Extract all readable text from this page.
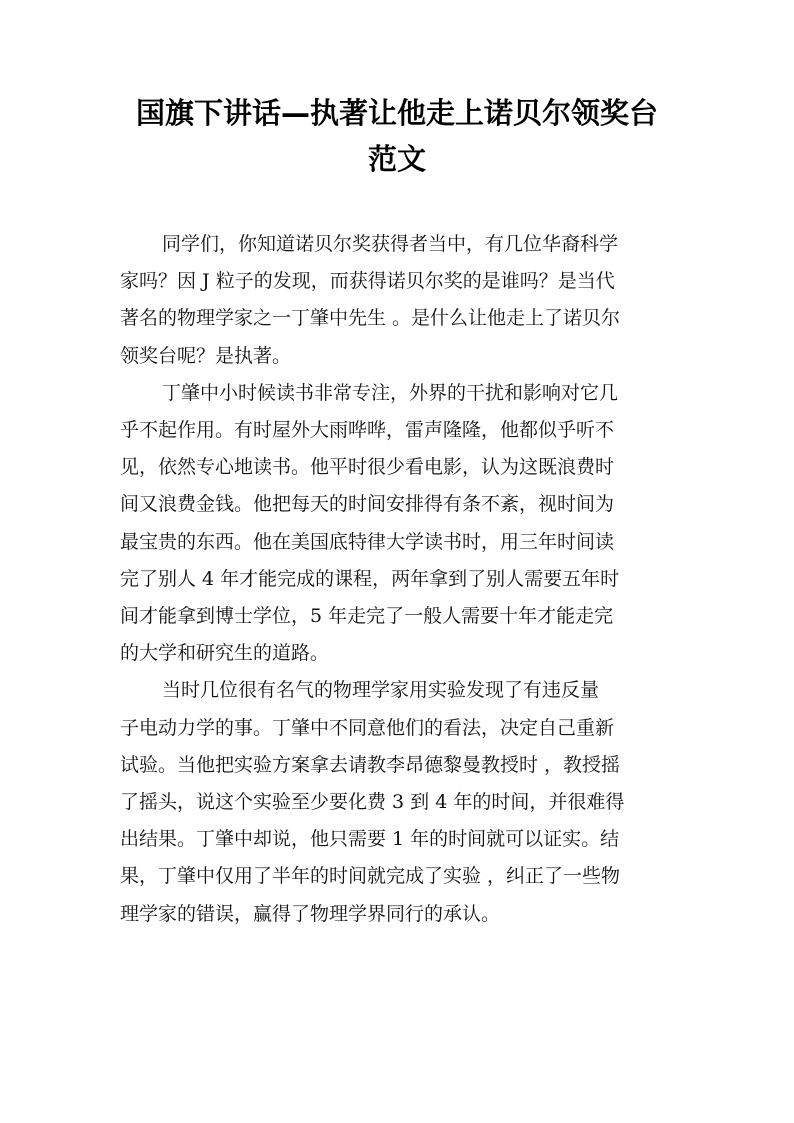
国旗下讲话—执著让他走上诺贝尔领奖台
范文

同学们，你知道诺贝尔奖获得者当中，有几位华裔科学
家吗？因 J 粒子的发现，而获得诺贝尔奖的是谁吗？是当代
著名的物理学家之一丁肇中先生 。是什么让他走上了诺贝尔
领奖台呢？是执著。

丁肇中小时候读书非常专注，外界的干扰和影响对它几
乎不起作用。有时屋外大雨哗哗，雷声隆隆，他都似乎听不
见，依然专心地读书。他平时很少看电影，认为这既浪费时
间又浪费金钱。他把每天的时间安排得有条不紊，视时间为
最宝贵的东西。他在美国底特律大学读书时，用三年时间读
完了别人 4 年才能完成的课程，两年拿到了别人需要五年时
间才能拿到博士学位，5 年走完了一般人需要十年才能走完
的大学和研究生的道路。

当时几位很有名气的物理学家用实验发现了有违反量
子电动力学的事。丁肇中不同意他们的看法，决定自己重新
试验。当他把实验方案拿去请教李昂德黎曼教授时 ，教授摇
了摇头，说这个实验至少要化费 3 到 4 年的时间，并很难得
出结果。丁肇中却说，他只需要 1 年的时间就可以证实。结
果，丁肇中仅用了半年的时间就完成了实验 ，纠正了一些物
理学家的错误，赢得了物理学界同行的承认。
